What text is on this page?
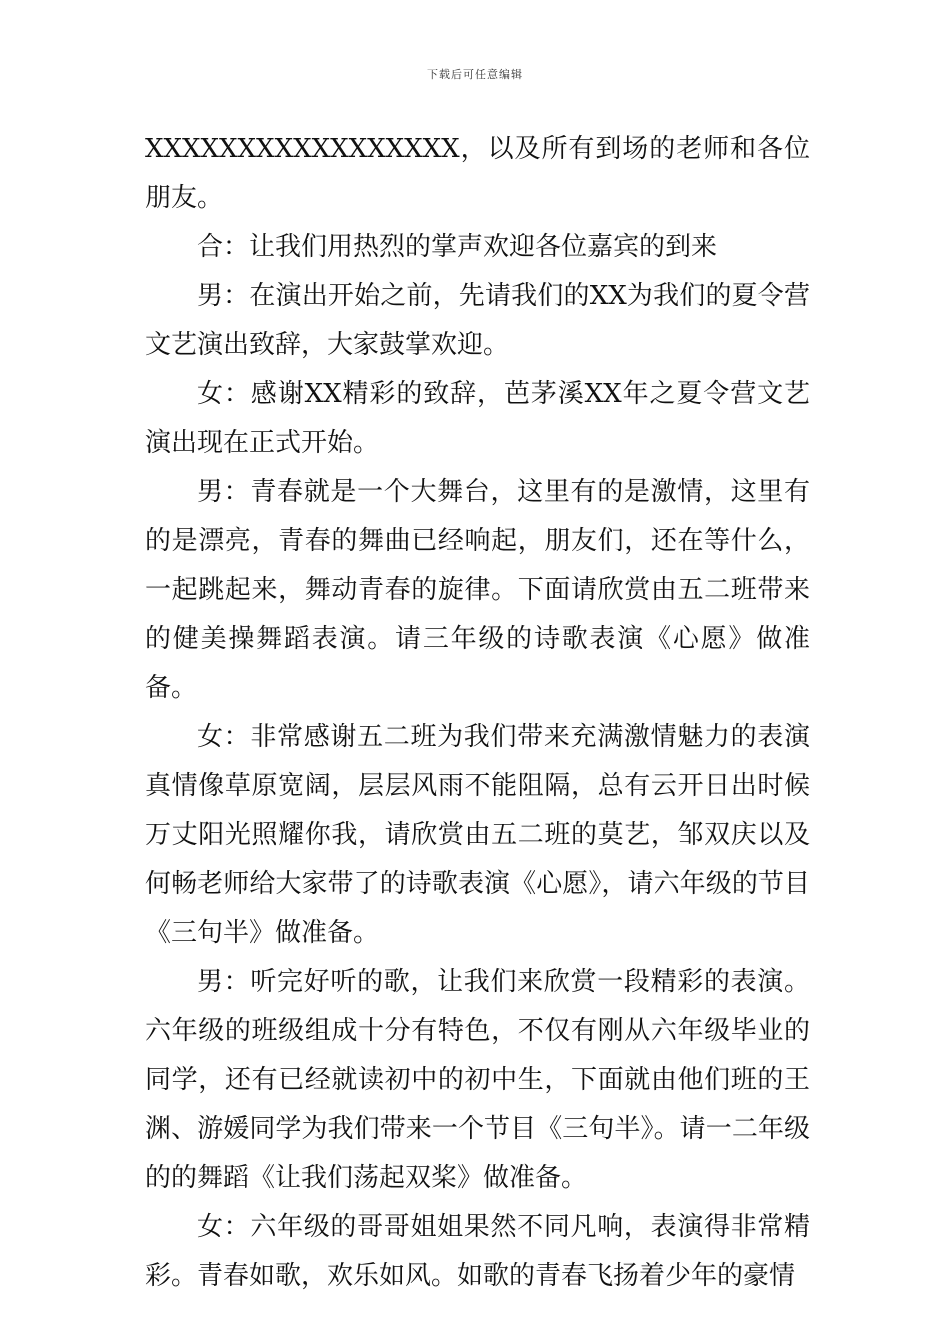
下载后可任意编辑

XXXXXXXXXXXXXXXXX，以及所有到场的老师和各位朋友。

合：让我们用热烈的掌声欢迎各位嘉宾的到来

男：在演出开始之前，先请我们的XX为我们的夏令营文艺演出致辞，大家鼓掌欢迎。

女：感谢XX精彩的致辞，芭茅溪XX年之夏令营文艺演出现在正式开始。

男：青春就是一个大舞台，这里有的是激情，这里有的是漂亮，青春的舞曲已经响起，朋友们，还在等什么，一起跳起来，舞动青春的旋律。下面请欣赏由五二班带来的健美操舞蹈表演。请三年级的诗歌表演《心愿》做准备。

女：非常感谢五二班为我们带来充满激情魅力的表演真情像草原宽阔，层层风雨不能阻隔，总有云开日出时候万丈阳光照耀你我，请欣赏由五二班的莫艺，邹双庆以及何畅老师给大家带了的诗歌表演《心愿》，请六年级的节目《三句半》做准备。

男：听完好听的歌，让我们来欣赏一段精彩的表演。六年级的班级组成十分有特色，不仅有刚从六年级毕业的同学，还有已经就读初中的初中生，下面就由他们班的王渊、游媛同学为我们带来一个节目《三句半》。请一二年级的的舞蹈《让我们荡起双桨》做准备。

女：六年级的哥哥姐姐果然不同凡响，表演得非常精彩。青春如歌，欢乐如风。如歌的青春飞扬着少年的豪情
